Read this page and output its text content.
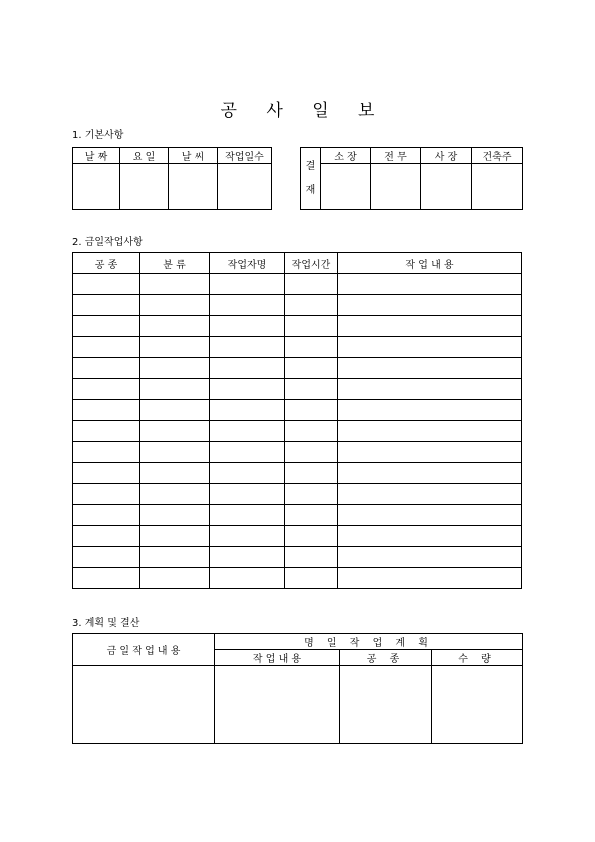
공 사 일 보
1. 기본사항
날 짜	요 일	날 씨	작업일수

결
재	소 장	전 무	사 장	건축주

2. 금일작업사항
공 종	분 류	작업자명	작업시간	작 업 내 용

3. 계획 및 결산
금 일 작 업 내 용	명 일 작 업 계 획		
	작 업 내 용	공 종	수 량
